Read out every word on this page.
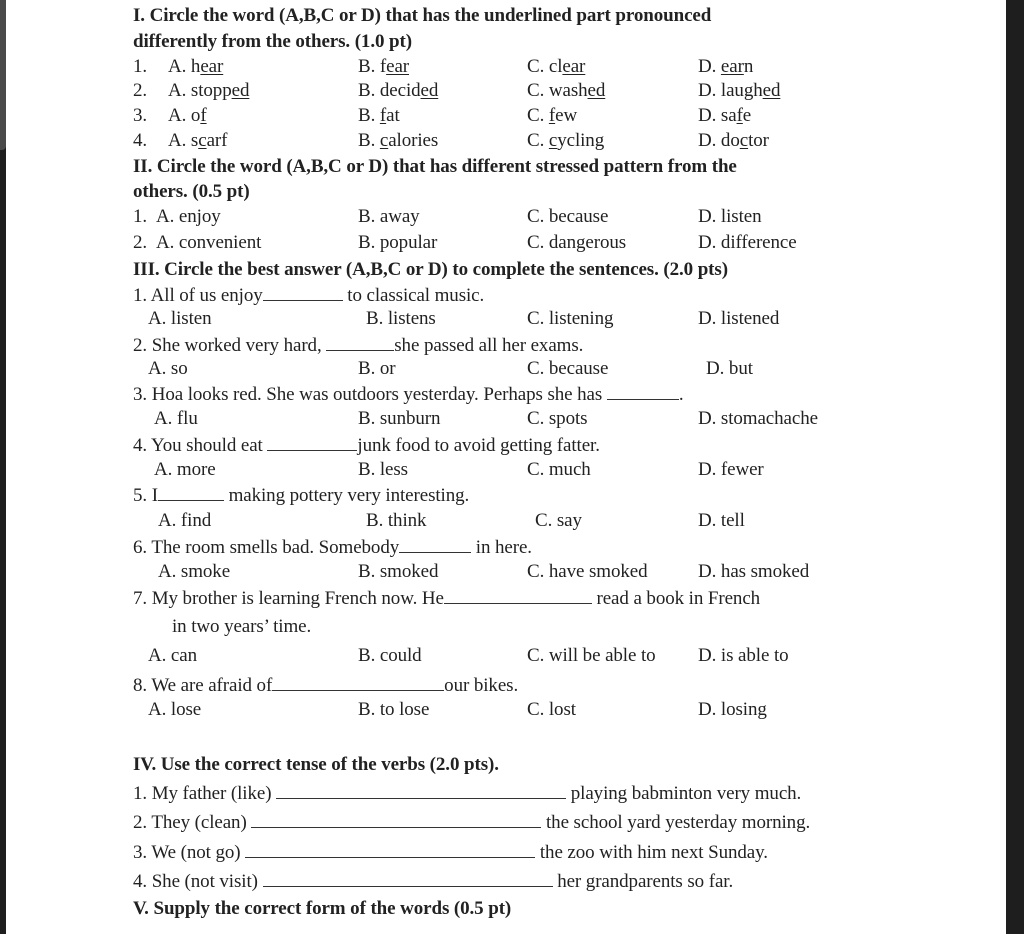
I. Circle the word (A,B,C or D) that has the underlined part pronounced
differently from the others. (1.0 pt)
1. A. hear	B. fear	C. clear	D. earn
2. A. stopped	B. decided	C. washed	D. laughed
3. A. of	B. fat	C. few	D. safe
4. A. scarf	B. calories	C. cycling	D. doctor
II. Circle the word (A,B,C or D) that has different stressed pattern from the
others. (0.5 pt)
1. A. enjoy	B. away	C. because	D. listen
2. A. convenient	B. popular	C. dangerous	D. difference
III. Circle the best answer (A,B,C or D) to complete the sentences. (2.0 pts)
1. All of us enjoy	to classical music.
A. listen	B. listens	C. listening	D. listened
2. She worked very hard,	she passed all her exams.
A. so	B. or	C. because	D. but
3. Hoa looks red. She was outdoors yesterday. Perhaps she has	.
A. flu	B. sunburn	C. spots	D. stomachache
4. You should eat	junk food to avoid getting fatter.
A. more	B. less	C. much	D. fewer
5. I	making pottery very interesting.
A. find	B. think	C. say	D. tell
6. The room smells bad. Somebody	in here.
A. smoke	B. smoked	C. have smoked	D. has smoked
7. My brother is learning French now. He	read a book in French
in two years’ time.
A. can	B. could	C. will be able to D. is able to
8. We are afraid of	our bikes.
A. lose	B. to lose	C. lost	D. losing
IV. Use the correct tense of the verbs (2.0 pts).
1. My father (like)	playing babminton very much.
2. They (clean)	the school yard yesterday morning.
3. We (not go)	the zoo with him next Sunday.
4. She (not visit)	her grandparents so far.
V. Supply the correct form of the words (0.5 pt)
